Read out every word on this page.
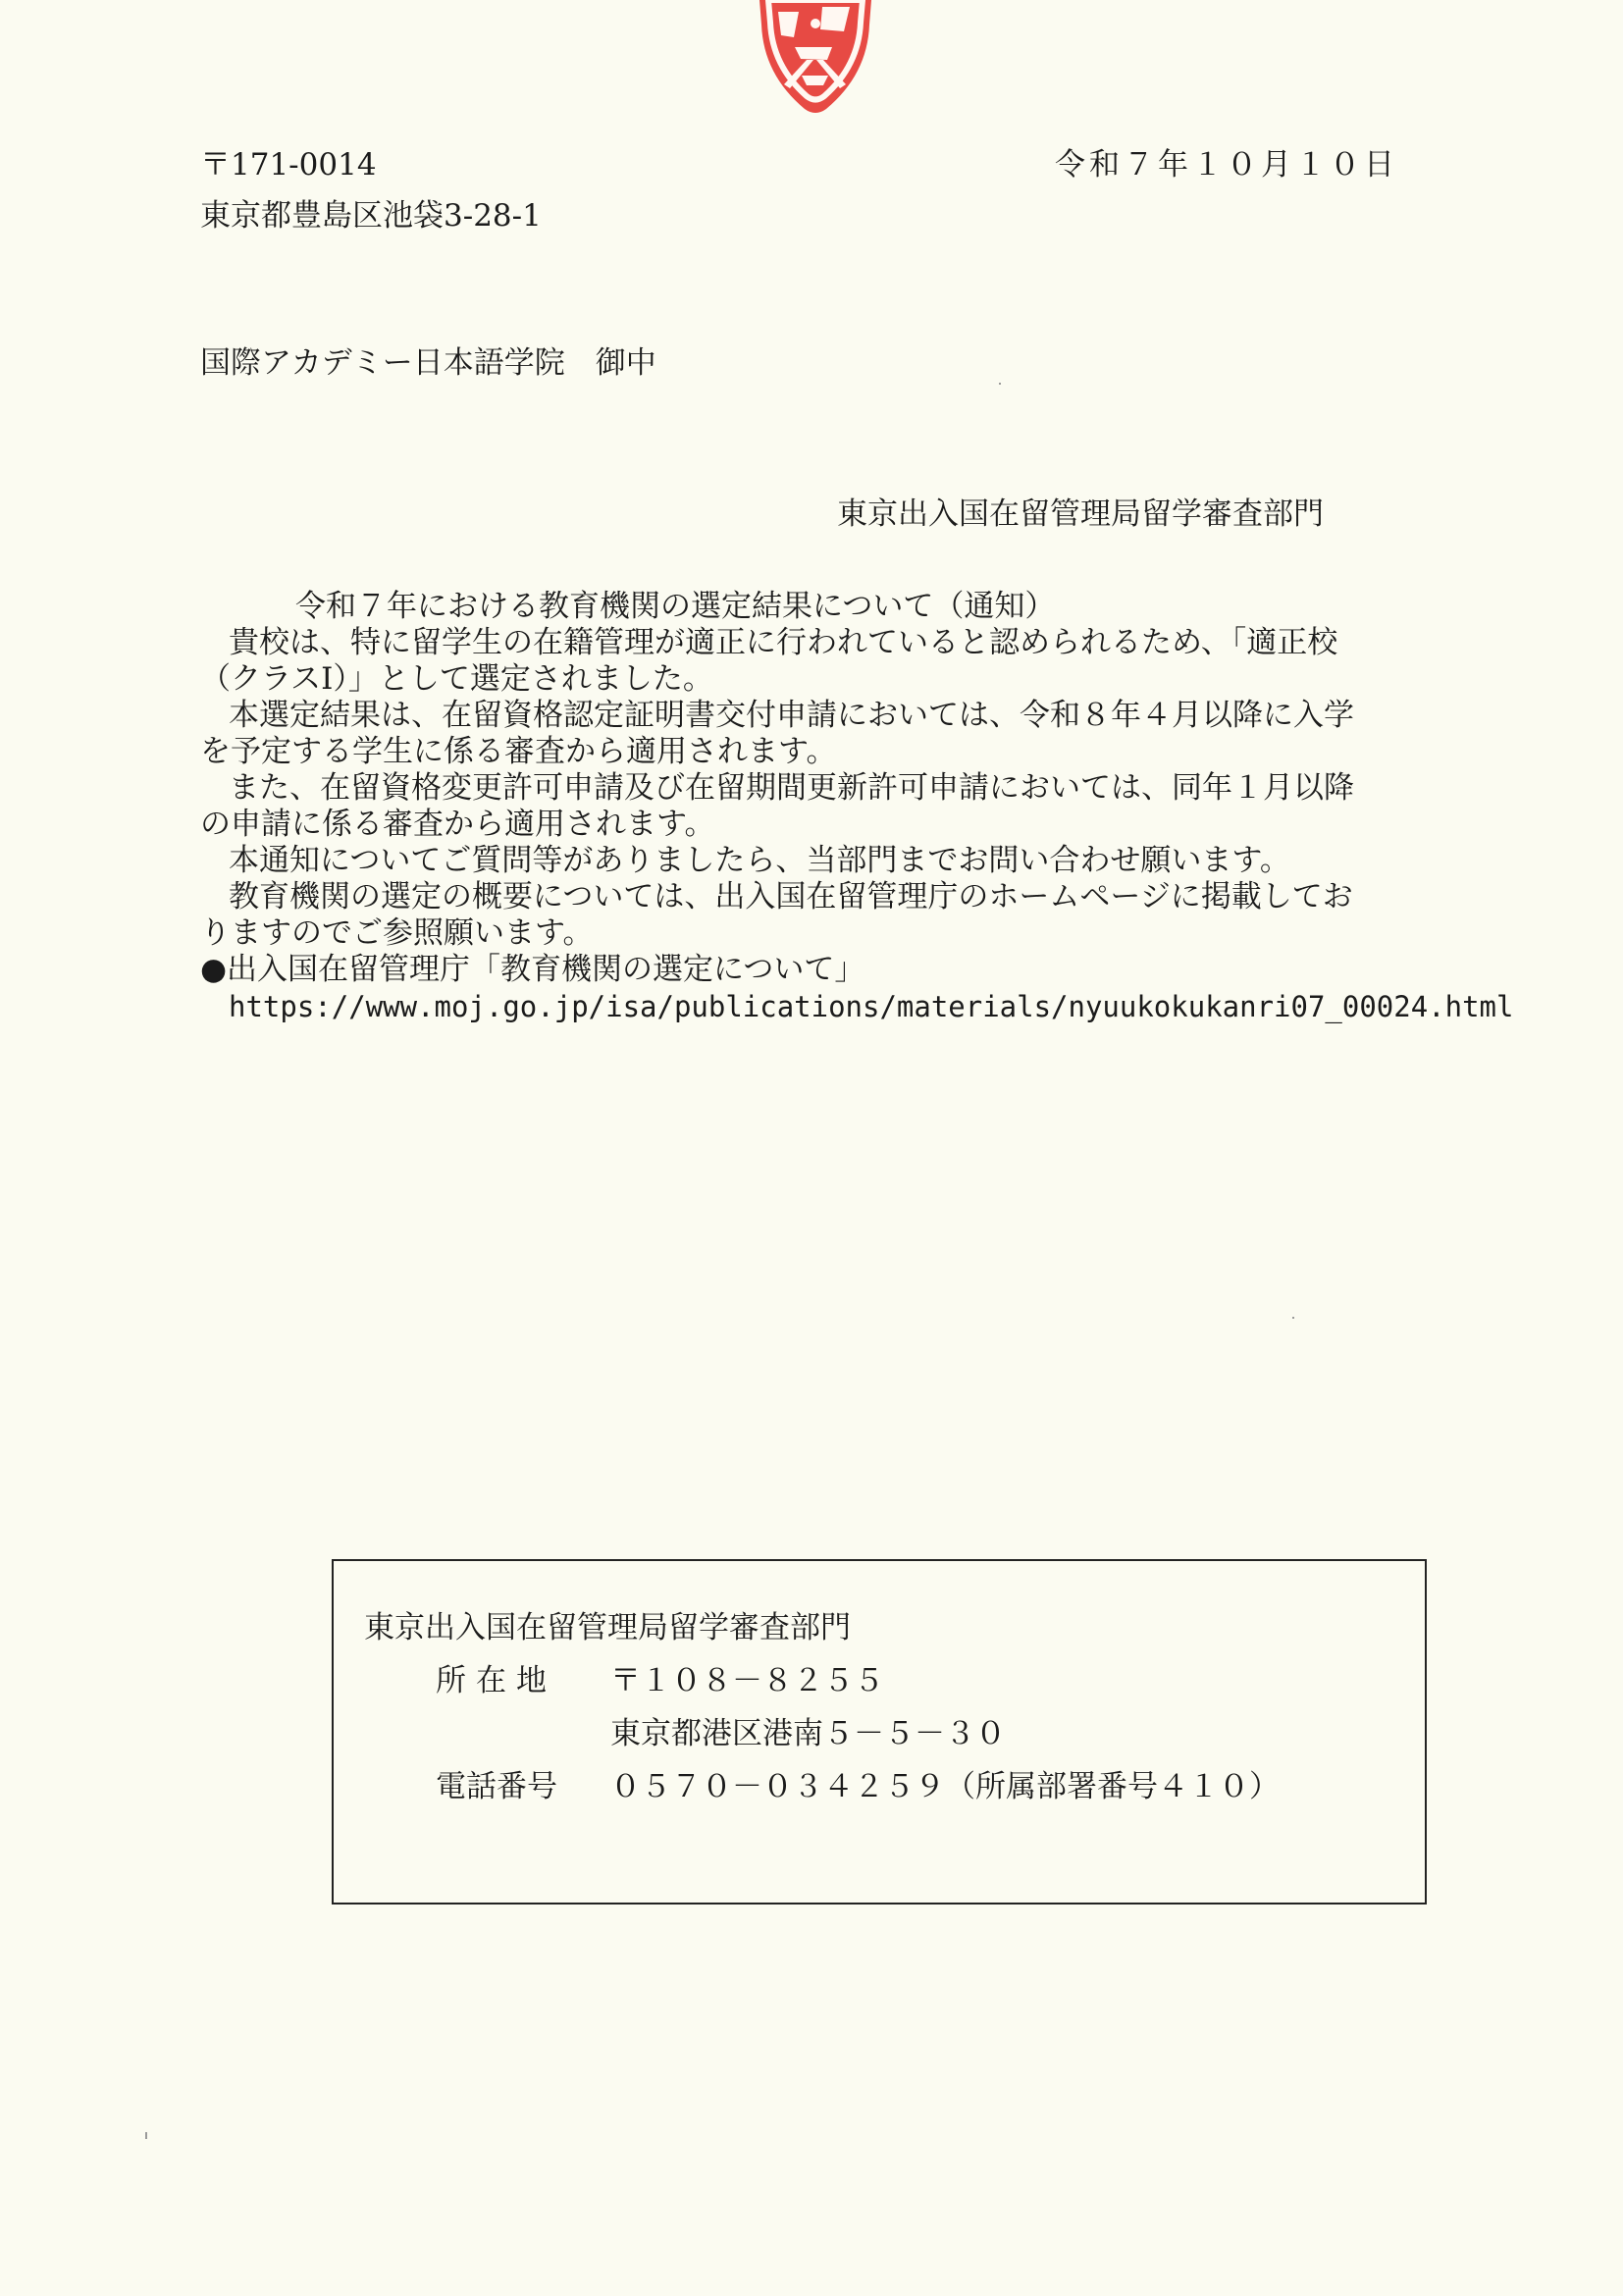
〒171-0014
東京都豊島区池袋3-28-1
令和７年１０月１０日
国際アカデミー日本語学院　御中
東京出入国在留管理局留学審査部門
令和７年における教育機関の選定結果について（通知）
貴校は、特に留学生の在籍管理が適正に行われていると認められるため、「適正校
（クラスⅠ）」として選定されました。
本選定結果は、在留資格認定証明書交付申請においては、令和８年４月以降に入学
を予定する学生に係る審査から適用されます。
また、在留資格変更許可申請及び在留期間更新許可申請においては、同年１月以降
の申請に係る審査から適用されます。
本通知についてご質問等がありましたら、当部門までお問い合わせ願います。
教育機関の選定の概要については、出入国在留管理庁のホームページに掲載してお
りますのでご参照願います。
●出入国在留管理庁「教育機関の選定について」
https://www.moj.go.jp/isa/publications/materials/nyuukokukanri07_00024.html
東京出入国在留管理局留学審査部門
所在地 〒１０８－８２５５
東京都港区港南５－５－３０
電話番号 ０５７０－０３４２５９（所属部署番号４１０）
